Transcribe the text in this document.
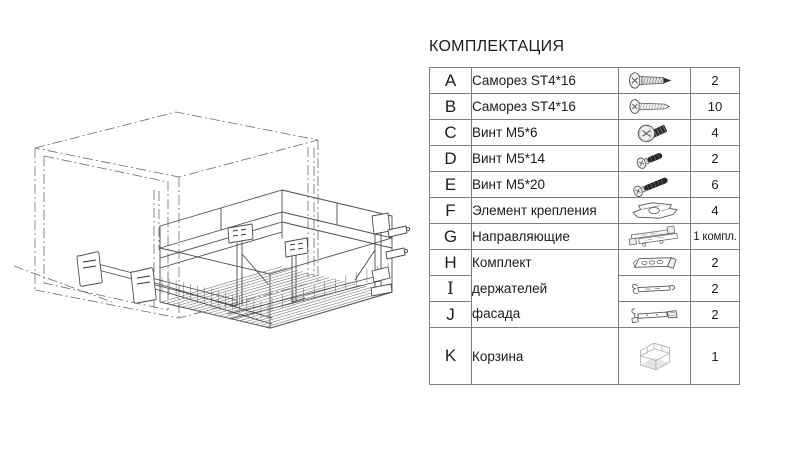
КОМПЛЕКТАЦИЯ
A	Саморез ST4*16		2
B	Саморез ST4*16		10
C	Винт M5*6		4
D	Винт M5*14		2
E	Винт M5*20		6
F	Элемент крепления		4
G	Направляющие		1 компл.
H	Комплект держателей фасада		2
I			2
J			2
K	Корзина		1
